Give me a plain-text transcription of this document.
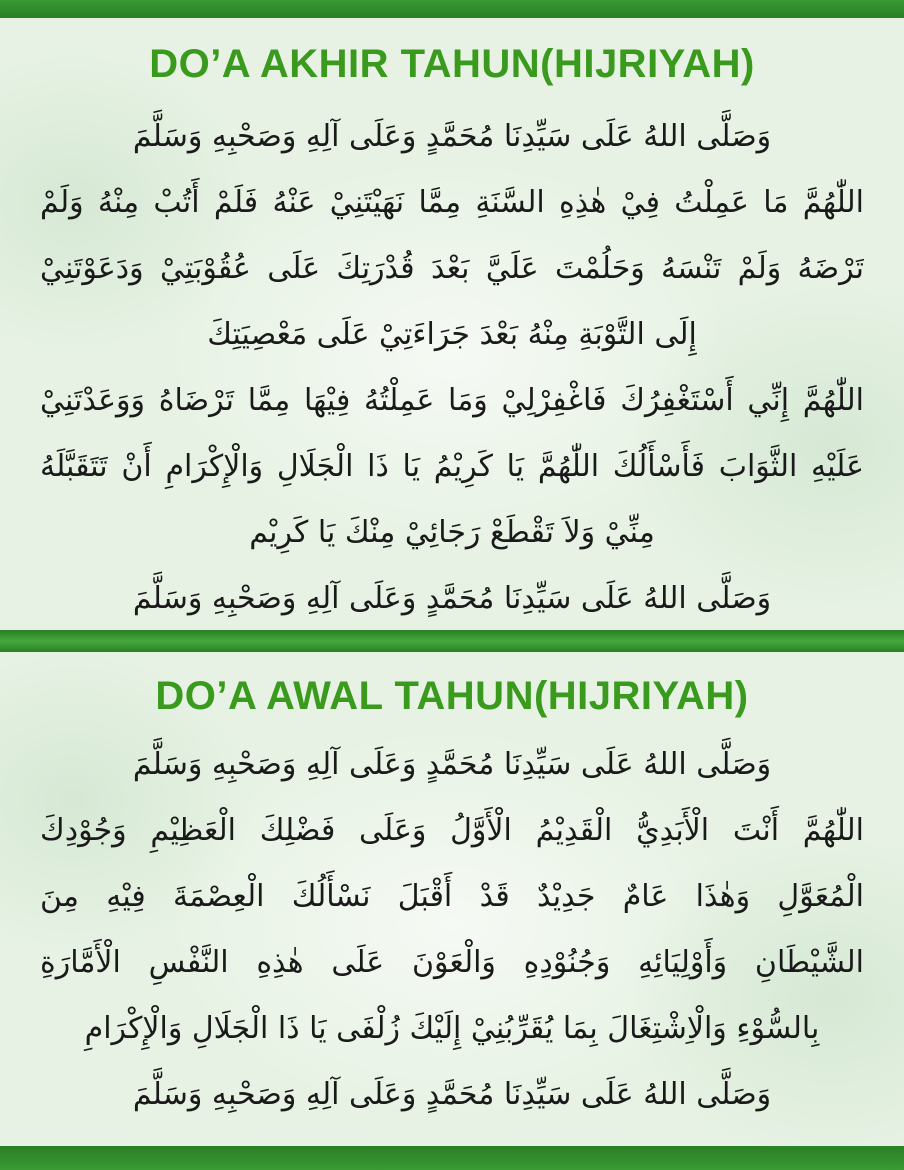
DO’A AKHIR TAHUN(HIJRIYAH)
وَصَلَّى اللهُ عَلَى سَيِّدِنَا مُحَمَّدٍ وَعَلَى آلِهِ وَصَحْبِهِ وَسَلَّمَ
اللّٰهُمَّ مَا عَمِلْتُ فِيْ هٰذِهِ السَّنَةِ مِمَّا نَهَيْتَنِيْ عَنْهُ فَلَمْ أَتُبْ مِنْهُ وَلَمْ
تَرْضَهُ وَلَمْ تَنْسَهُ وَحَلُمْتَ عَلَيَّ بَعْدَ قُدْرَتِكَ عَلَى عُقُوْبَتِيْ وَدَعَوْتَنِيْ
إِلَى التَّوْبَةِ مِنْهُ بَعْدَ جَرَاءَتِيْ عَلَى مَعْصِيَتِكَ
اللّٰهُمَّ إِنِّي أَسْتَغْفِرُكَ فَاغْفِرْلِيْ وَمَا عَمِلْتُهُ فِيْهَا مِمَّا تَرْضَاهُ وَوَعَدْتَنِيْ
عَلَيْهِ الثَّوَابَ فَأَسْأَلُكَ اللّٰهُمَّ يَا كَرِيْمُ يَا ذَا الْجَلَالِ وَالْإِكْرَامِ أَنْ تَتَقَبَّلَهُ
مِنِّيْ وَلاَ تَقْطَعْ رَجَائِيْ مِنْكَ يَا كَرِيْم
وَصَلَّى اللهُ عَلَى سَيِّدِنَا مُحَمَّدٍ وَعَلَى آلِهِ وَصَحْبِهِ وَسَلَّمَ
DO’A AWAL TAHUN(HIJRIYAH)
وَصَلَّى اللهُ عَلَى سَيِّدِنَا مُحَمَّدٍ وَعَلَى آلِهِ وَصَحْبِهِ وَسَلَّمَ
اللّٰهُمَّ أَنْتَ الْأَبَدِيُّ الْقَدِيْمُ الْأَوَّلُ وَعَلَى فَضْلِكَ الْعَظِيْمِ وَجُوْدِكَ
الْمُعَوَّلِ وَهٰذَا عَامٌ جَدِيْدٌ قَدْ أَقْبَلَ نَسْأَلُكَ الْعِصْمَةَ فِيْهِ مِنَ
الشَّيْطَانِ وَأَوْلِيَائِهِ وَجُنُوْدِهِ وَالْعَوْنَ عَلَى هٰذِهِ النَّفْسِ الْأَمَّارَةِ
بِالسُّوْءِ وَالْاِشْتِغَالَ بِمَا يُقَرِّبُنِيْ إِلَيْكَ زُلْفَى يَا ذَا الْجَلَالِ وَالْإِكْرَامِ
وَصَلَّى اللهُ عَلَى سَيِّدِنَا مُحَمَّدٍ وَعَلَى آلِهِ وَصَحْبِهِ وَسَلَّمَ
